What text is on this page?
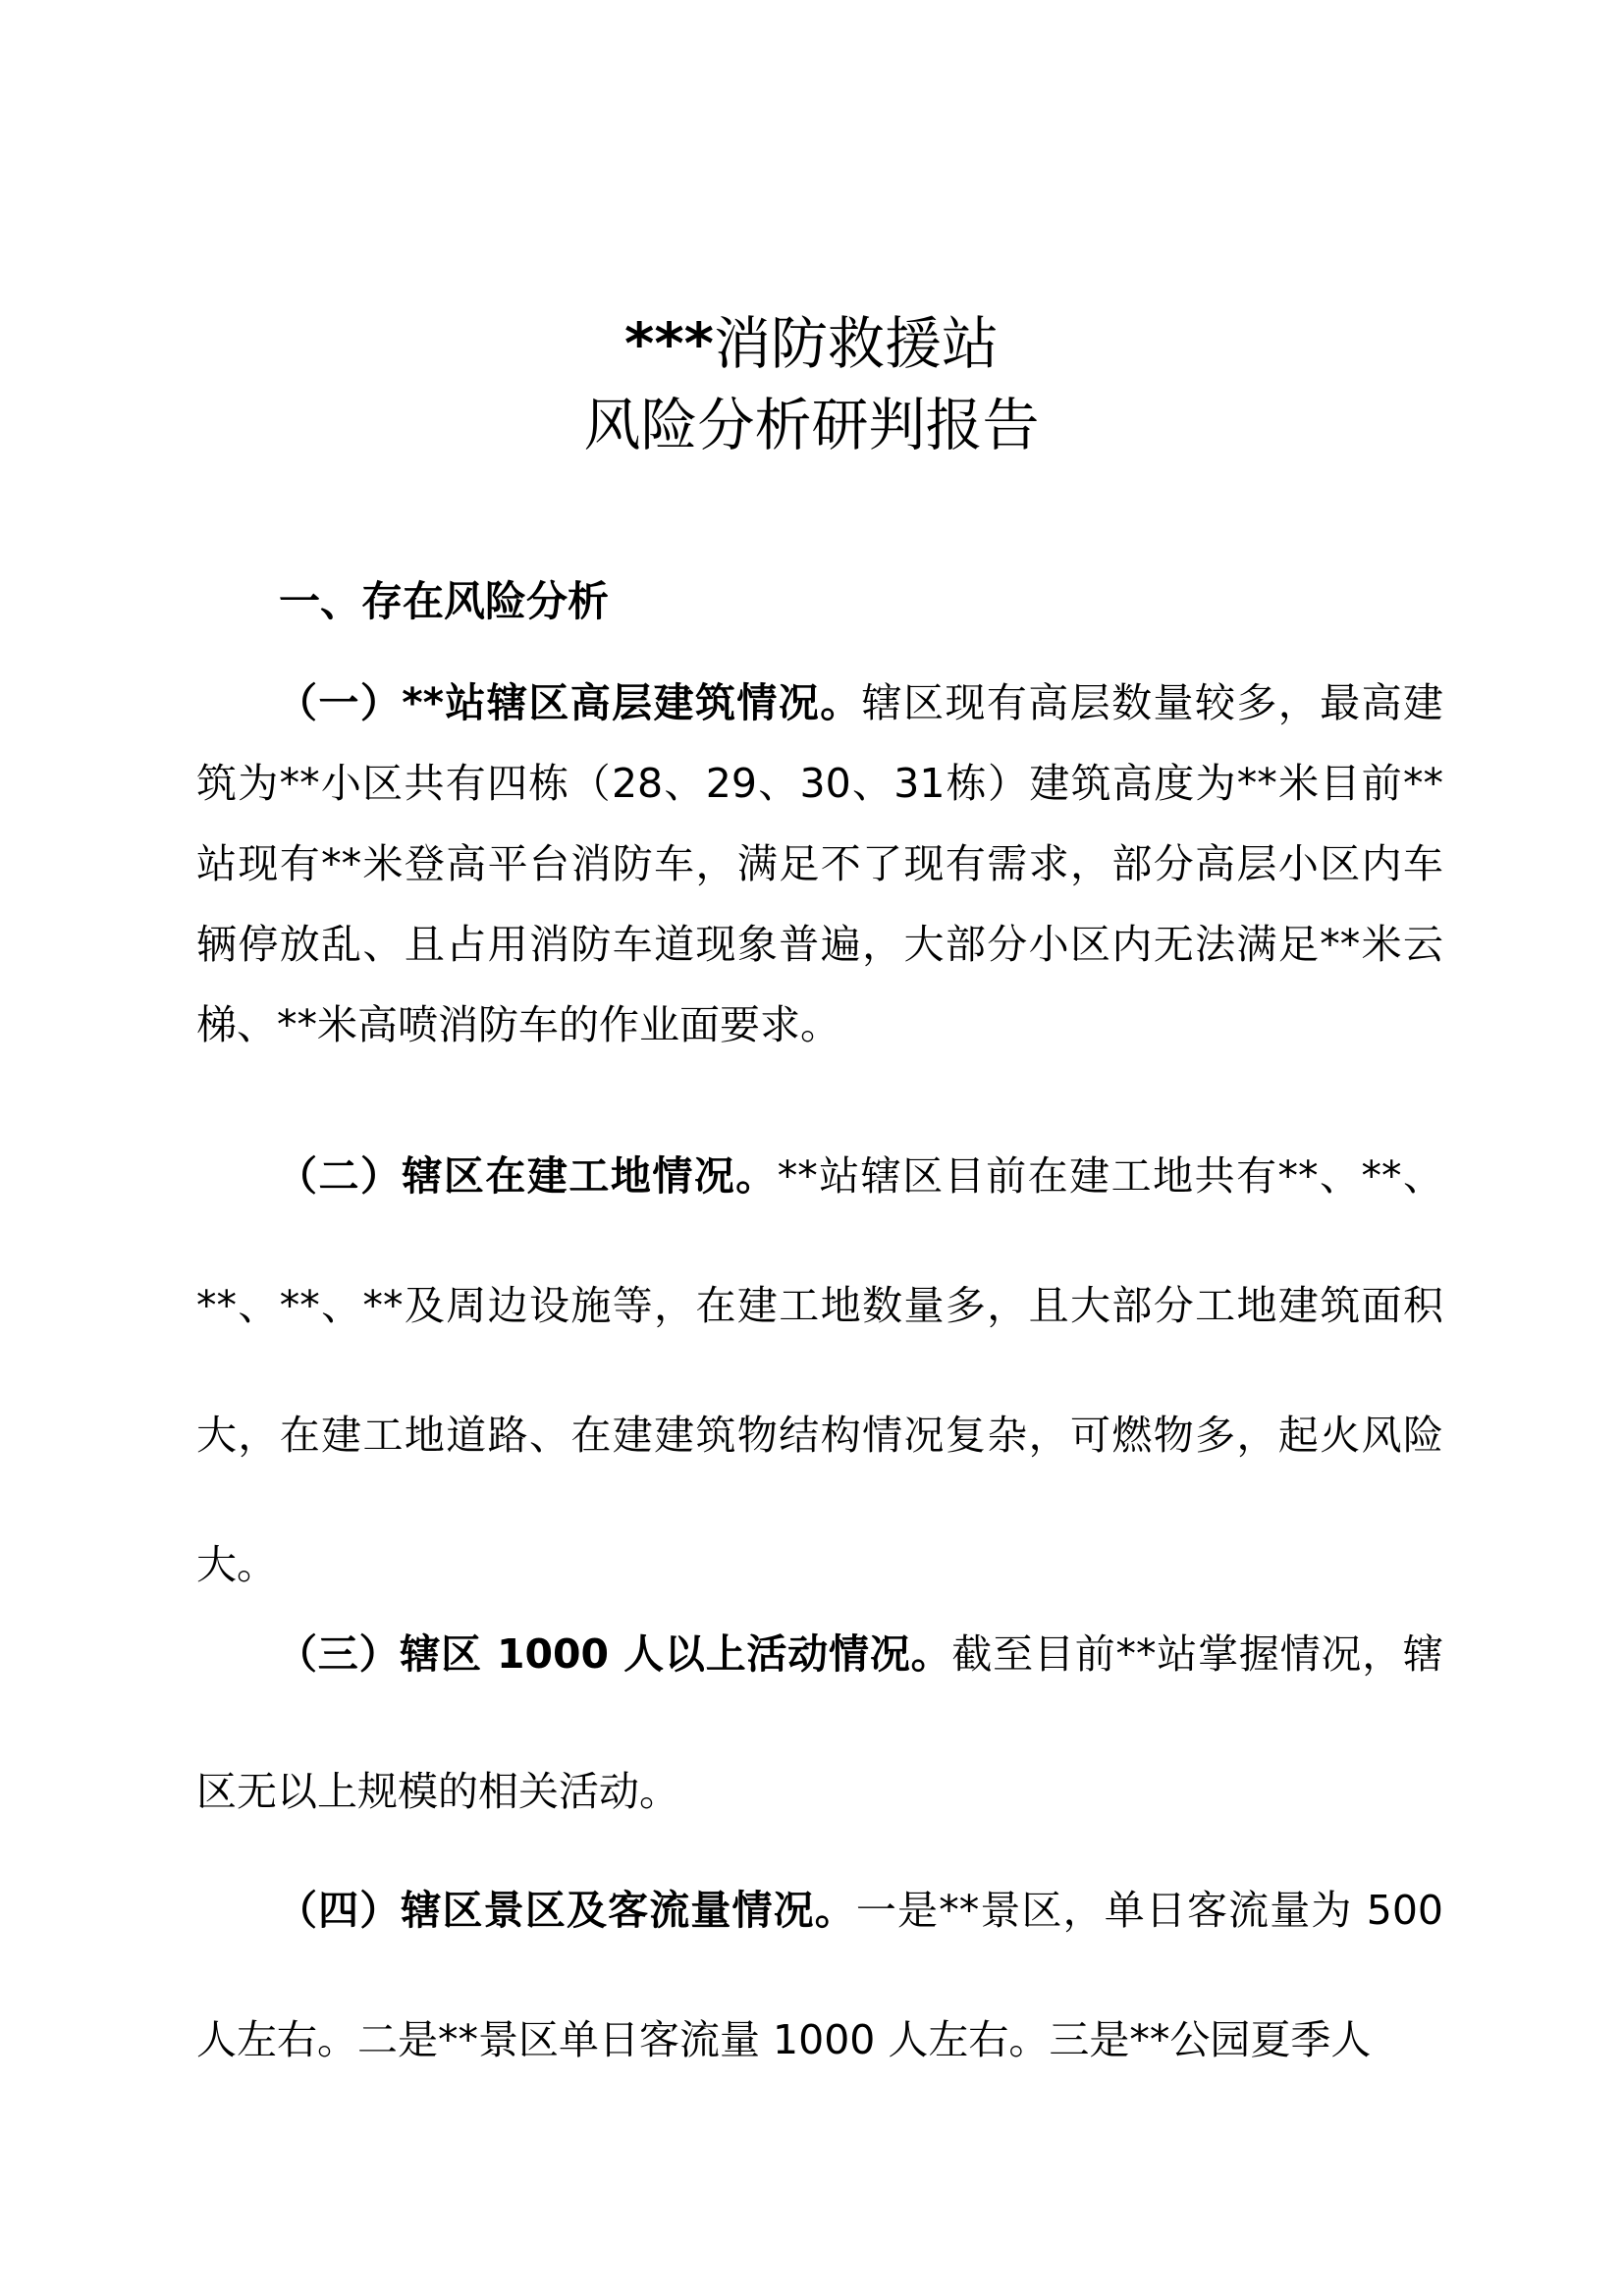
***消防救援站
风险分析研判报告
一、存在风险分析

（一）**站辖区高层建筑情况。辖区现有高层数量较多，最高建筑为**小区共有四栋（28、29、30、31栋）建筑高度为**米目前**站现有**米登高平台消防车，满足不了现有需求，部分高层小区内车辆停放乱、且占用消防车道现象普遍，大部分小区内无法满足**米云梯、**米高喷消防车的作业面要求。

（二）辖区在建工地情况。**站辖区目前在建工地共有**、**、**、**、**及周边设施等，在建工地数量多，且大部分工地建筑面积大，在建工地道路、在建建筑物结构情况复杂，可燃物多，起火风险大。

（三）辖区 1000 人以上活动情况。截至目前**站掌握情况，辖区无以上规模的相关活动。

（四）辖区景区及客流量情况。一是**景区，单日客流量为 500 人左右。二是**景区单日客流量 1000 人左右。三是**公园夏季人
